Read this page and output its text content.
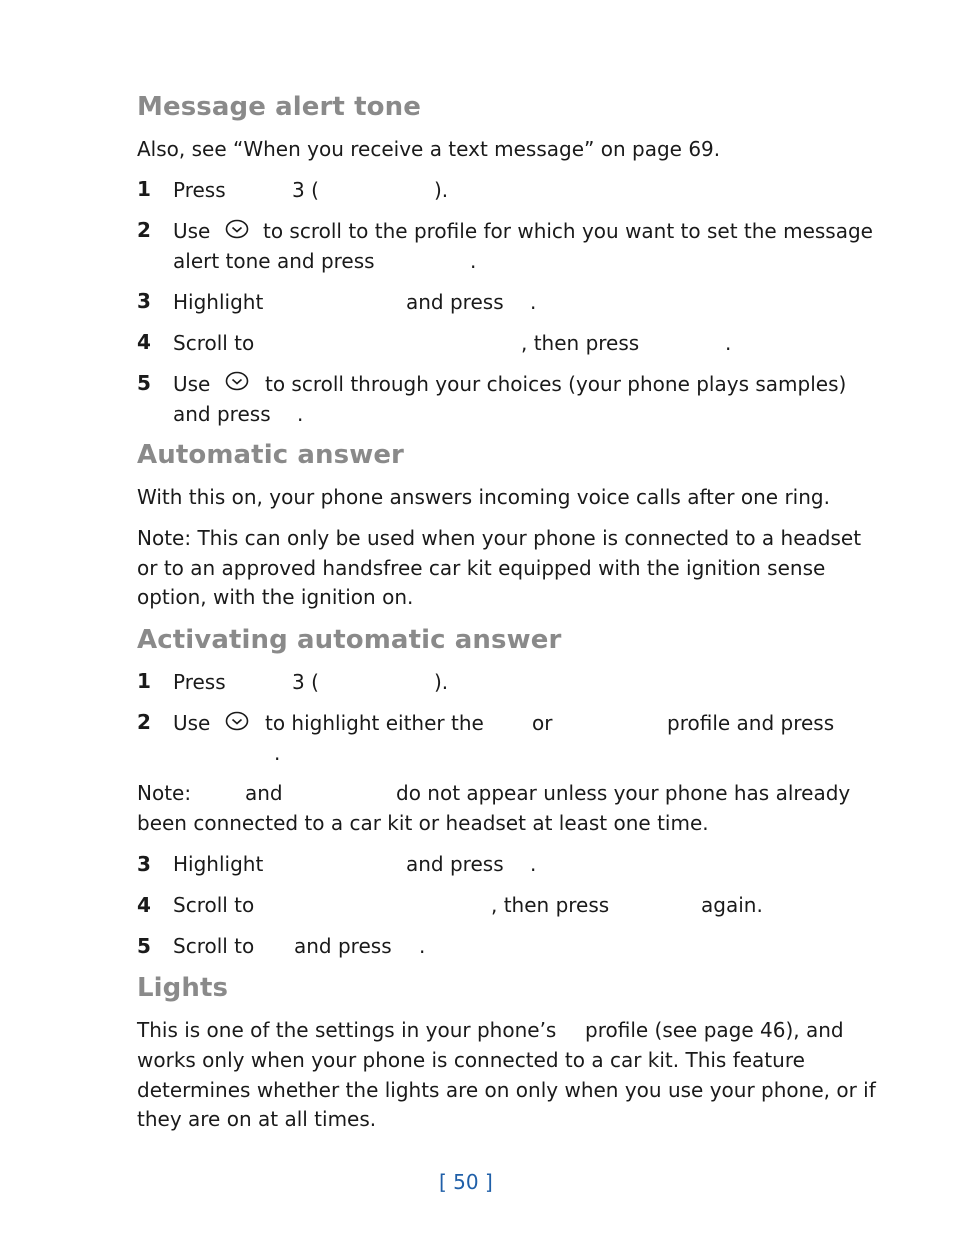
Message alert tone
Also, see “When you receive a text message” on page 69.
1 Press	3 (	).
2 Use	to scroll to the profile for which you want to set the message
alert tone and press	.
3 Highlight	and press .
4 Scroll to	, then press	.
5 Use	to scroll through your choices (your phone plays samples)
and press .
Automatic answer
With this on, your phone answers incoming voice calls after one ring.
Note: This can only be used when your phone is connected to a headset
or to an approved handsfree car kit equipped with the ignition sense
option, with the ignition on.
Activating automatic answer
1 Press	3 (	).
2 Use	to highlight either the or	profile and press
.
Note:	and	do not appear unless your phone has already
been connected to a car kit or headset at least one time.
3 Highlight	and press .
4 Scroll to	, then press	again.
5 Scroll to and press .
Lights
This is one of the settings in your phone’s profile (see page 46), and
works only when your phone is connected to a car kit. This feature
determines whether the lights are on only when you use your phone, or if
they are on at all times.
[ 50 ]
